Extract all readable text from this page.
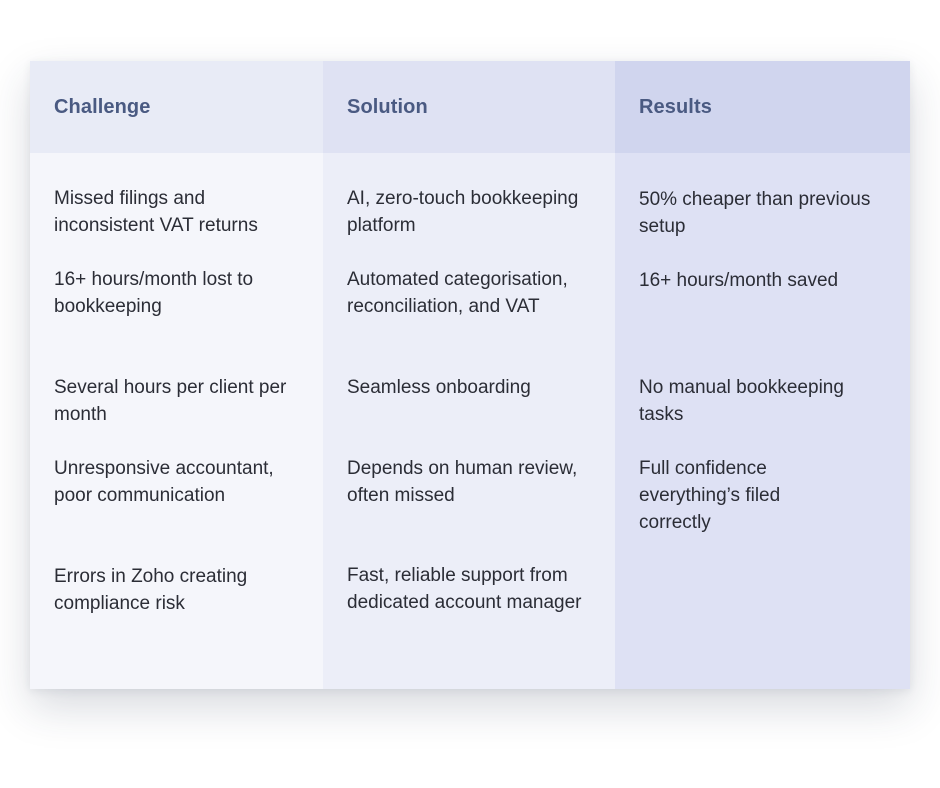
Challenge
Missed filings and inconsistent VAT returns
16+ hours/month lost to bookkeeping
Several hours per client per month
Unresponsive accountant, poor communication
Errors in Zoho creating compliance risk
Solution
AI, zero-touch bookkeeping platform
Automated categorisation, reconciliation, and VAT
Seamless onboarding
Depends on human review, often missed
Fast, reliable support from dedicated account manager
Results
50% cheaper than previous setup
16+ hours/month saved
No manual bookkeeping tasks
Full confidence everything’s filed correctly
